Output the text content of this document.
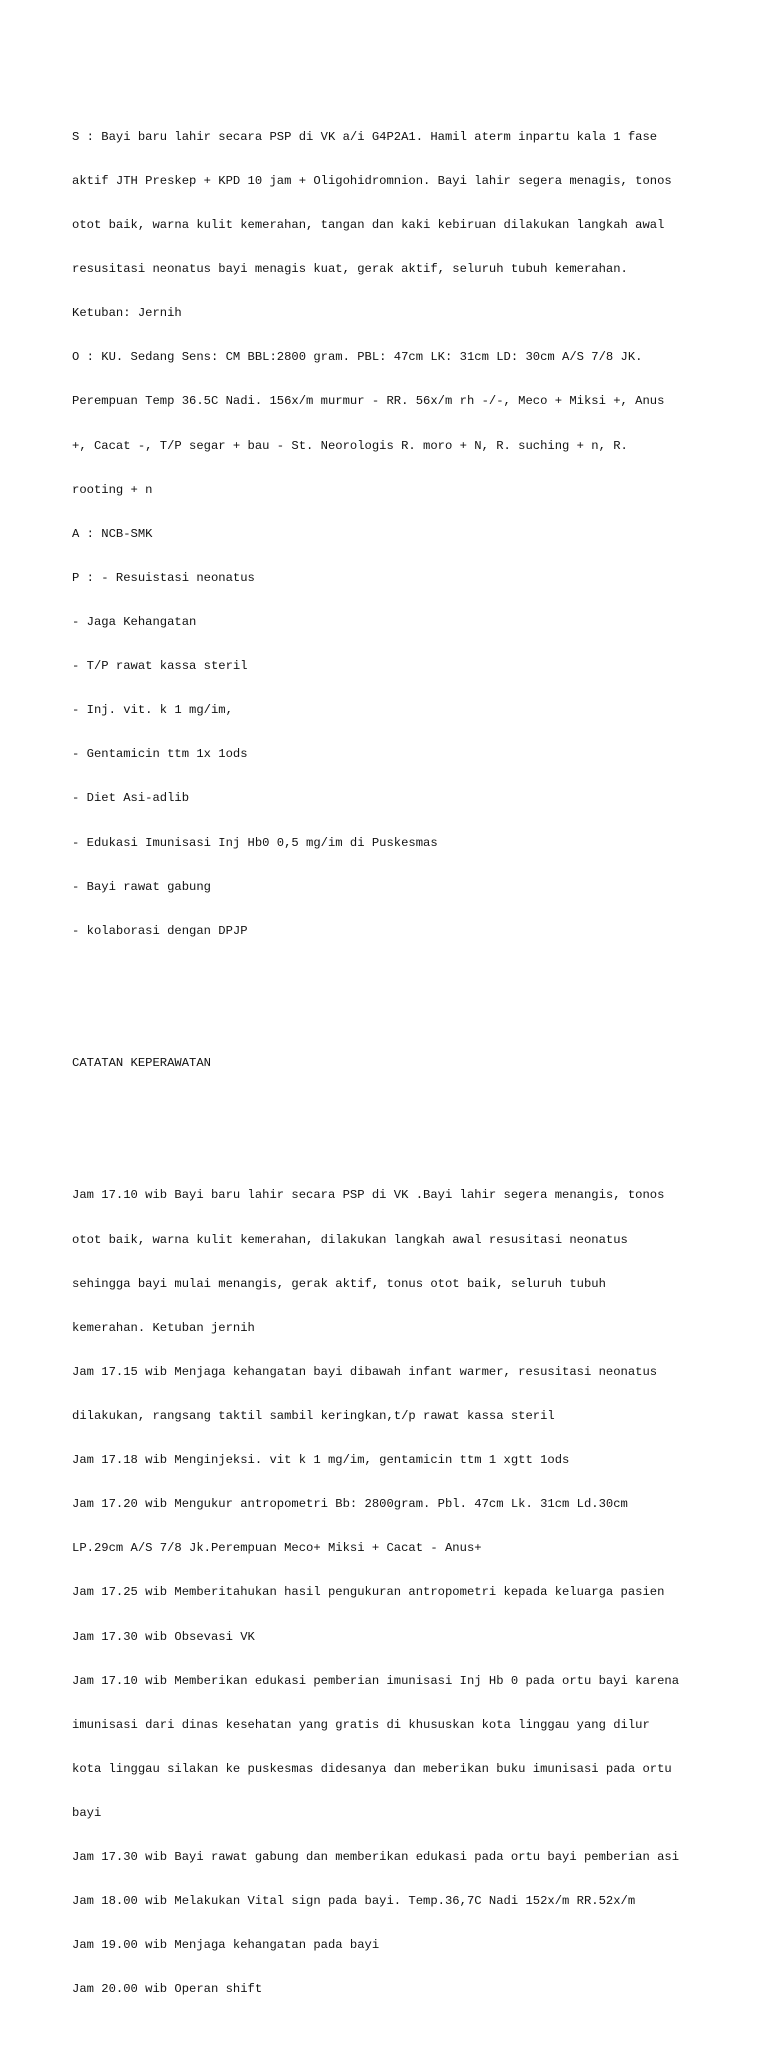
S : Bayi baru lahir secara PSP di VK a/i G4P2A1. Hamil aterm inpartu kala 1 fase

aktif JTH Preskep + KPD 10 jam + Oligohidromnion. Bayi lahir segera menagis, tonos

otot baik, warna kulit kemerahan, tangan dan kaki kebiruan dilakukan langkah awal

resusitasi neonatus bayi menagis kuat, gerak aktif, seluruh tubuh kemerahan.

Ketuban: Jernih

O : KU. Sedang Sens: CM BBL:2800 gram. PBL: 47cm LK: 31cm LD: 30cm A/S 7/8 JK.

Perempuan Temp 36.5C Nadi. 156x/m murmur - RR. 56x/m rh -/-, Meco + Miksi +, Anus

+, Cacat -, T/P segar + bau - St. Neorologis R. moro + N, R. suching + n, R.

rooting + n

A : NCB-SMK

P : - Resuistasi neonatus

- Jaga Kehangatan

- T/P rawat kassa steril

- Inj. vit. k 1 mg/im,

- Gentamicin ttm 1x 1ods

- Diet Asi-adlib

- Edukasi Imunisasi Inj Hb0 0,5 mg/im di Puskesmas

- Bayi rawat gabung

- kolaborasi dengan DPJP

CATATAN KEPERAWATAN

Jam 17.10 wib Bayi baru lahir secara PSP di VK .Bayi lahir segera menangis, tonos

otot baik, warna kulit kemerahan, dilakukan langkah awal resusitasi neonatus

sehingga bayi mulai menangis, gerak aktif, tonus otot baik, seluruh tubuh

kemerahan. Ketuban jernih

Jam 17.15 wib Menjaga kehangatan bayi dibawah infant warmer, resusitasi neonatus

dilakukan, rangsang taktil sambil keringkan,t/p rawat kassa steril

Jam 17.18 wib Menginjeksi. vit k 1 mg/im, gentamicin ttm 1 xgtt 1ods

Jam 17.20 wib Mengukur antropometri Bb: 2800gram. Pbl. 47cm Lk. 31cm Ld.30cm

LP.29cm A/S 7/8 Jk.Perempuan Meco+ Miksi + Cacat - Anus+

Jam 17.25 wib Memberitahukan hasil pengukuran antropometri kepada keluarga pasien

Jam 17.30 wib Obsevasi VK

Jam 17.10 wib Memberikan edukasi pemberian imunisasi Inj Hb 0 pada ortu bayi karena

imunisasi dari dinas kesehatan yang gratis di khususkan kota linggau yang dilur

kota linggau silakan ke puskesmas didesanya dan meberikan buku imunisasi pada ortu

bayi

Jam 17.30 wib Bayi rawat gabung dan memberikan edukasi pada ortu bayi pemberian asi

Jam 18.00 wib Melakukan Vital sign pada bayi. Temp.36,7C Nadi 152x/m RR.52x/m

Jam 19.00 wib Menjaga kehangatan pada bayi

Jam 20.00 wib Operan shift
